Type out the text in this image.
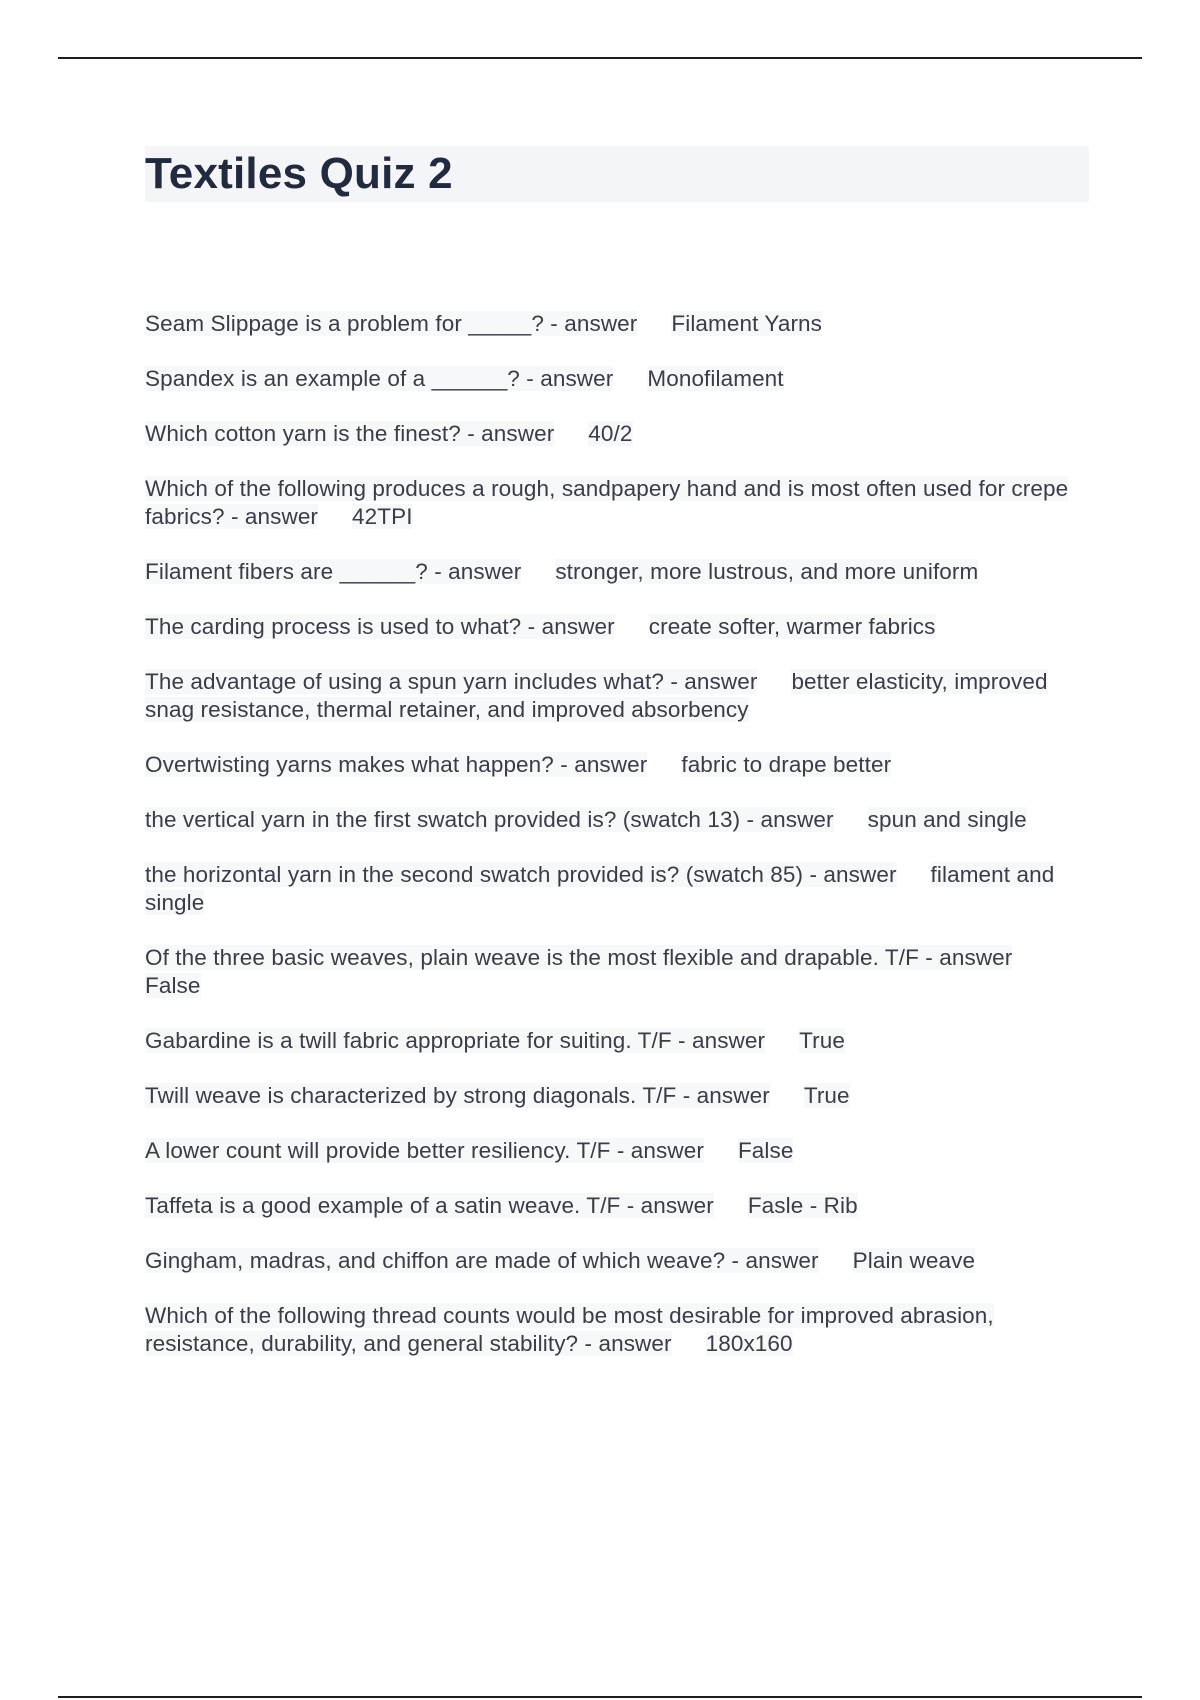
Textiles Quiz 2

Seam Slippage is a problem for _____? - answer Filament Yarns

Spandex is an example of a ______? - answer Monofilament

Which cotton yarn is the finest? - answer 40/2

Which of the following produces a rough, sandpapery hand and is most often used for crepe fabrics? - answer 42TPI

Filament fibers are ______? - answer stronger, more lustrous, and more uniform

The carding process is used to what? - answer create softer, warmer fabrics

The advantage of using a spun yarn includes what? - answer better elasticity, improved snag resistance, thermal retainer, and improved absorbency

Overtwisting yarns makes what happen? - answer fabric to drape better

the vertical yarn in the first swatch provided is? (swatch 13) - answer spun and single

the horizontal yarn in the second swatch provided is? (swatch 85) - answer filament and single

Of the three basic weaves, plain weave is the most flexible and drapable. T/F - answerFalse

Gabardine is a twill fabric appropriate for suiting. T/F - answer True

Twill weave is characterized by strong diagonals. T/F - answer True

A lower count will provide better resiliency. T/F - answer False

Taffeta is a good example of a satin weave. T/F - answer Fasle - Rib

Gingham, madras, and chiffon are made of which weave? - answer Plain weave

Which of the following thread counts would be most desirable for improved abrasion, resistance, durability, and general stability? - answer 180x160
